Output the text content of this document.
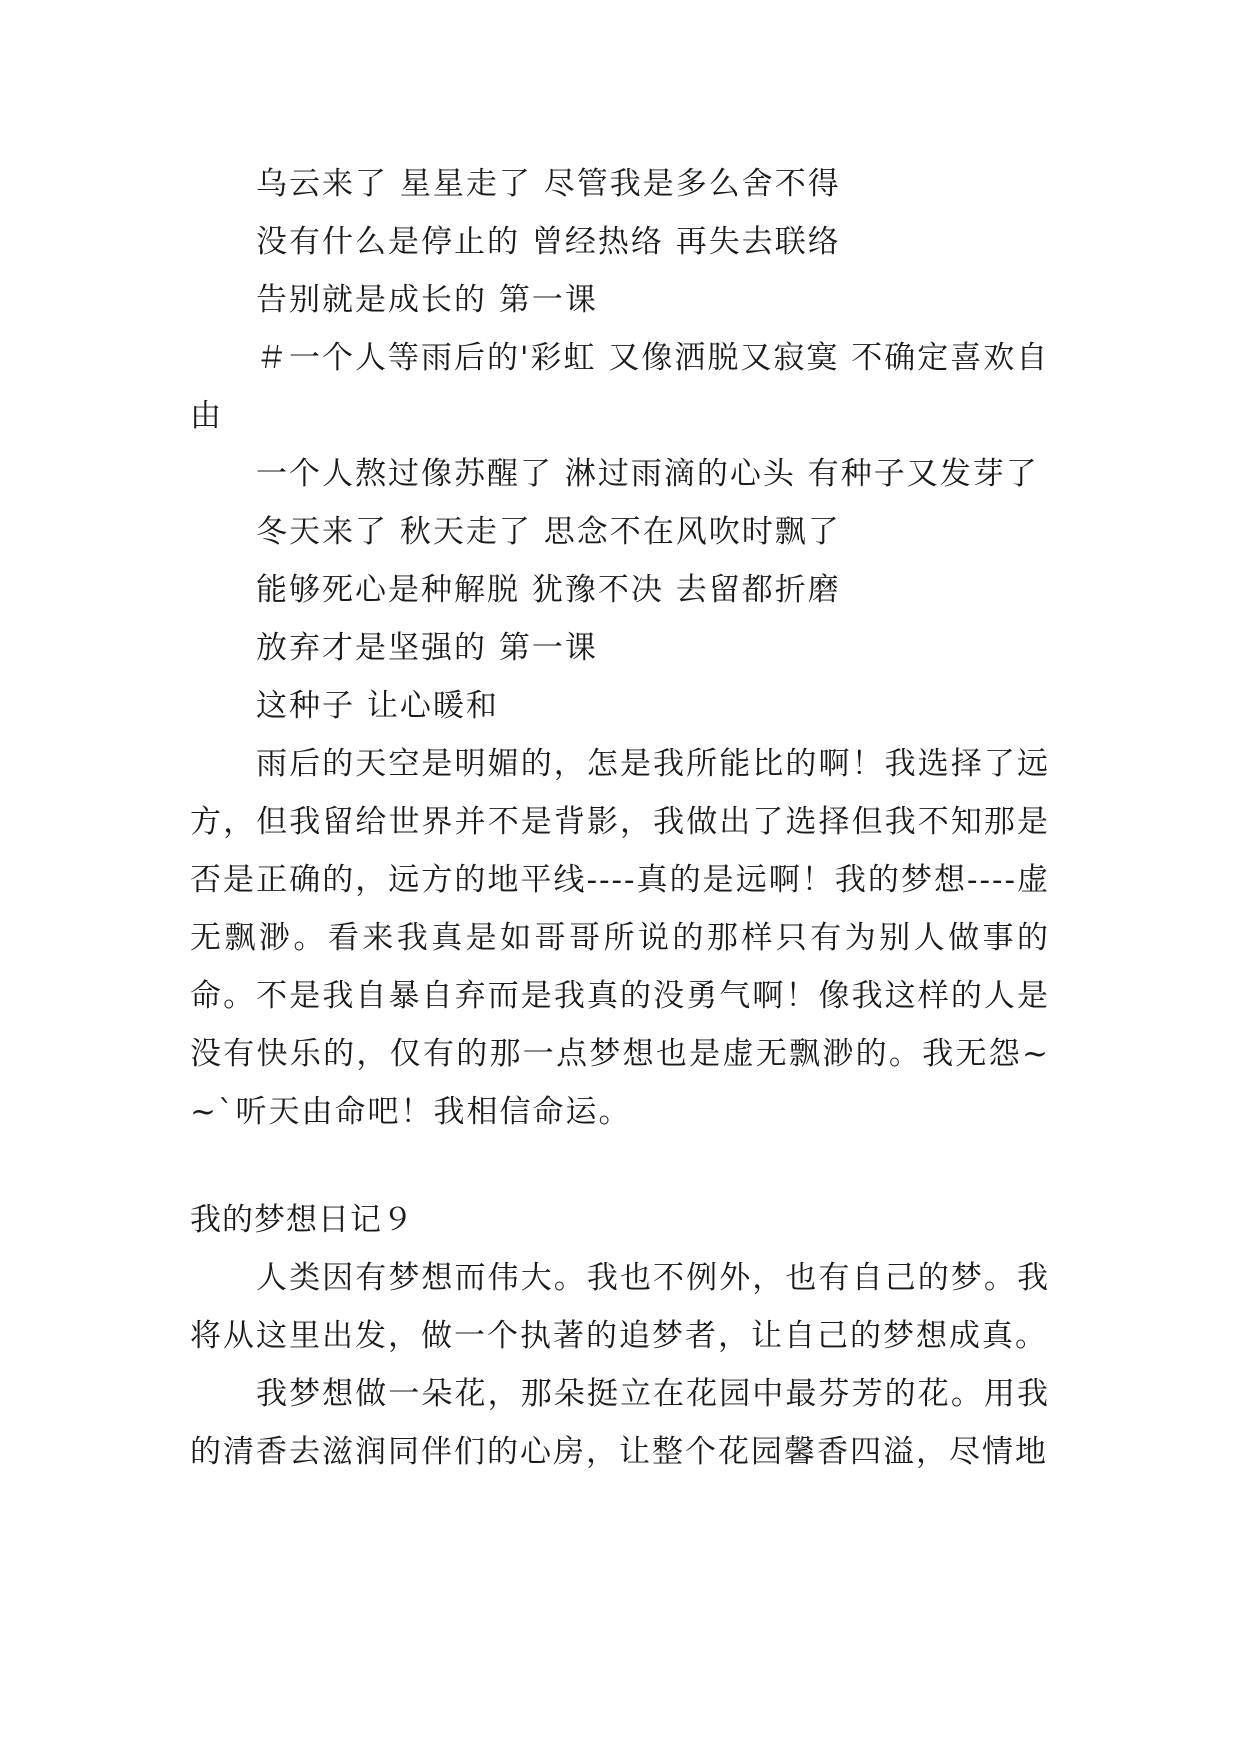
乌云来了 星星走了 尽管我是多么舍不得

没有什么是停止的 曾经热络 再失去联络

告别就是成长的 第一课

＃一个人等雨后的'彩虹 又像洒脱又寂寞 不确定喜欢自由

一个人熬过像苏醒了 淋过雨滴的心头 有种子又发芽了

冬天来了 秋天走了 思念不在风吹时飘了

能够死心是种解脱 犹豫不决 去留都折磨

放弃才是坚强的 第一课

这种子 让心暖和

雨后的天空是明媚的，怎是我所能比的啊！我选择了远方，但我留给世界并不是背影，我做出了选择但我不知那是否是正确的，远方的地平线----真的是远啊！我的梦想----虚无飘渺。看来我真是如哥哥所说的那样只有为别人做事的命。不是我自暴自弃而是我真的没勇气啊！像我这样的人是没有快乐的，仅有的那一点梦想也是虚无飘渺的。我无怨~~`听天由命吧！我相信命运。

我的梦想日记９

人类因有梦想而伟大。我也不例外，也有自己的梦。我将从这里出发，做一个执著的追梦者，让自己的梦想成真。

我梦想做一朵花，那朵挺立在花园中最芬芳的花。用我的清香去滋润同伴们的心房，让整个花园馨香四溢，尽情地
